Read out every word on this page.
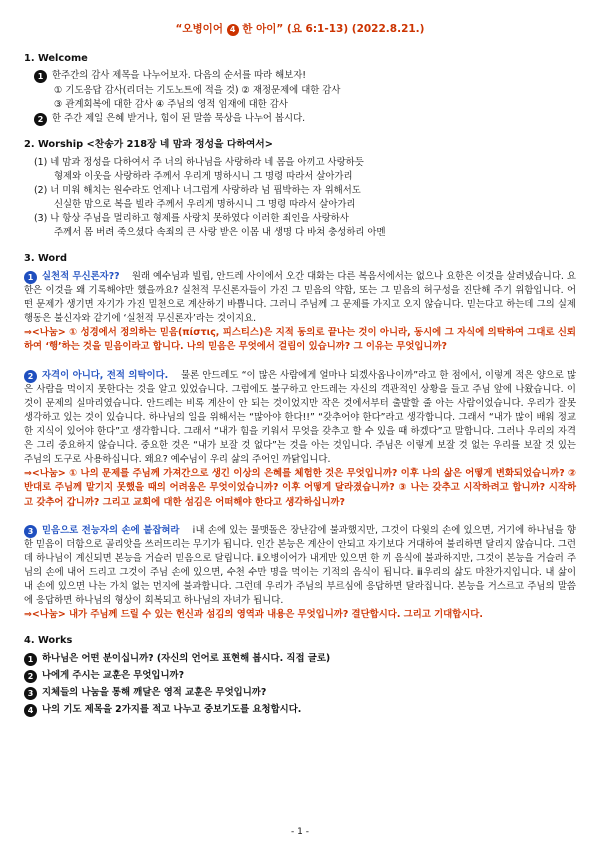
“오병이어 4 한 아이” (요 6:1-13) (2022.8.21.)
1. Welcome
1 한주간의 감사 제목을 나누어보자. 다음의 순서를 따라 해보자!
① 기도응답 감사(리더는 기도노트에 적을 것) ② 재정문제에 대한 감사
③ 관계회복에 대한 감사 ④ 주님의 영적 임재에 대한 감사
2 한 주간 제일 은혜 받거나, 힘이 된 말씀 묵상을 나누어 봅시다.
2. Worship <찬송가 218장 네 맘과 정성을 다하여서>
(1) 네 맘과 정성을 다하여서 주 너의 하나님을 사랑하라 네 몸을 아끼고 사랑하듯
형제와 이웃을 사랑하라 주께서 우리게 명하시니 그 명령 따라서 살아가리
(2) 너 미워 해치는 원수라도 언제나 너그럽게 사랑하라 넘 핍박하는 자 위해서도
신실한 맘으로 복을 빌라 주께서 우리게 명하시니 그 명령 따라서 살아가리
(3) 나 항상 주님을 멀리하고 형제를 사랑치 못하였다 이러한 죄인을 사랑하사
주께서 몸 버려 죽으셨다 속죄의 큰 사랑 받은 이몸 내 생명 다 바쳐 충성하리 아멘
3. Word
1 실천적 무신론자?? 원래 예수님과 빌립, 안드레 사이에서 오간 대화는 다른 복음서에서는 없으나 요한은 이것을 살려냈습니다. 요한은 이것을 왜 기록해야만 했을까요? 실천적 무신론자들이 가진 그 믿음의 약함, 또는 그 믿음의 허구성을 진단해 주기 위함입니다. 어떤 문제가 생기면 자기가 가진 밑천으로 계산하기 바쁩니다. 그러니 주님께 그 문제를 가지고 오지 않습니다. 믿는다고 하는데 그의 실제 행동은 불신자와 같기에 ‘실천적 무신론자’라는 것이지요.
⇒<나눔> ① 성경에서 정의하는 믿음(πίστις, 피스티스)은 지적 동의로 끝나는 것이 아니라, 동시에 그 자식에 의탁하여 그대로 신뢰하여 ‘행’하는 것을 믿음이라고 합니다. 나의 믿음은 무엇에서 걸림이 있습니까? 그 이유는 무엇입니까?
2 자격이 아니다, 전적 의탁이다. 물론 안드레도 “이 많은 사람에게 얼마나 되겠사옵나이까”라고 한 점에서, 이렇게 적은 양으로 많은 사람을 먹이지 못한다는 것을 알고 있었습니다. 그럼에도 불구하고 안드레는 자신의 객관적인 상황을 들고 주님 앞에 나왔습니다. 이것이 문제의 실마리였습니다. 안드레는 비록 계산이 안 되는 것이었지만 작은 것에서부터 출발할 줄 아는 사람이었습니다. 우리가 잘못 생각하고 있는 것이 있습니다. 하나님의 일을 위해서는 “많아야 한다!!” “갖추어야 한다”라고 생각합니다. 그래서 “내가 많이 배워 정교한 지식이 있어야 한다”고 생각합니다. 그래서 “내가 힘을 키워서 무엇을 갖추고 할 수 있을 때 하겠다”고 말합니다. 그러나 우리의 자격은 그리 중요하지 않습니다. 중요한 것은 “내가 보잘 것 없다”는 것을 아는 것입니다. 주님은 이렇게 보잘 것 없는 우리를 보잘 것 있는 주님의 도구로 사용하십니다. 왜요? 예수님이 우리 삶의 주어인 까닭입니다.
⇒<나눔> ① 나의 문제를 주님께 가져간으로 생긴 이상의 은혜를 체험한 것은 무엇입니까? 이후 나의 삶은 어떻게 변화되었습니까? ② 반대로 주님께 맡기지 못했을 때의 어려움은 무엇이었습니까? 이후 어떻게 달라졌습니까? ③ 나는 갖추고 시작하려고 합니까? 시작하고 갖추어 갑니까? 그리고 교회에 대한 섬김은 어떠해야 한다고 생각하십니까?
3 믿음으로 전능자의 손에 붙잡혀라 ⅰ내 손에 있는 물맷돌은 장난감에 불과했지만, 그것이 다윗의 손에 있으면, 거기에 하나님을 향한 믿음이 더함으로 골리앗을 쓰러뜨리는 무기가 됩니다. 인간 본능은 계산이 안되고 자기보다 거대하여 불리하면 달리지 않습니다. 그런데 하나님이 계신되면 본능을 거슬러 믿음으로 달립니다. ⅱ오병이어가 내게만 있으면 한 끼 음식에 불과하지만, 그것이 본능을 거슬러 주님의 손에 내어 드리고 그것이 주님 손에 있으면, 수천 수만 명을 먹이는 기적의 음식이 됩니다. ⅲ우리의 삶도 마찬가지입니다. 내 삶이 내 손에 있으면 나는 가치 없는 먼지에 불과합니다. 그런데 우리가 주님의 부르심에 응답하면 달라집니다. 본능을 거스르고 주님의 말씀에 응답하면 하나님의 형상이 회복되고 하나님의 자녀가 됩니다.
⇒<나눔> 내가 주님께 드릴 수 있는 헌신과 섬김의 영역과 내용은 무엇입니까? 결단합시다. 그리고 기대합시다.
4. Works
1 하나님은 어떤 분이십니까? (자신의 언어로 표현해 봅시다. 직접 글로)
2 나에게 주시는 교훈은 무엇입니까?
3 지체들의 나눔을 통해 깨달은 영적 교훈은 무엇입니까?
4 나의 기도 제목을 2가지를 적고 나누고 중보기도를 요청합시다.
- 1 -
